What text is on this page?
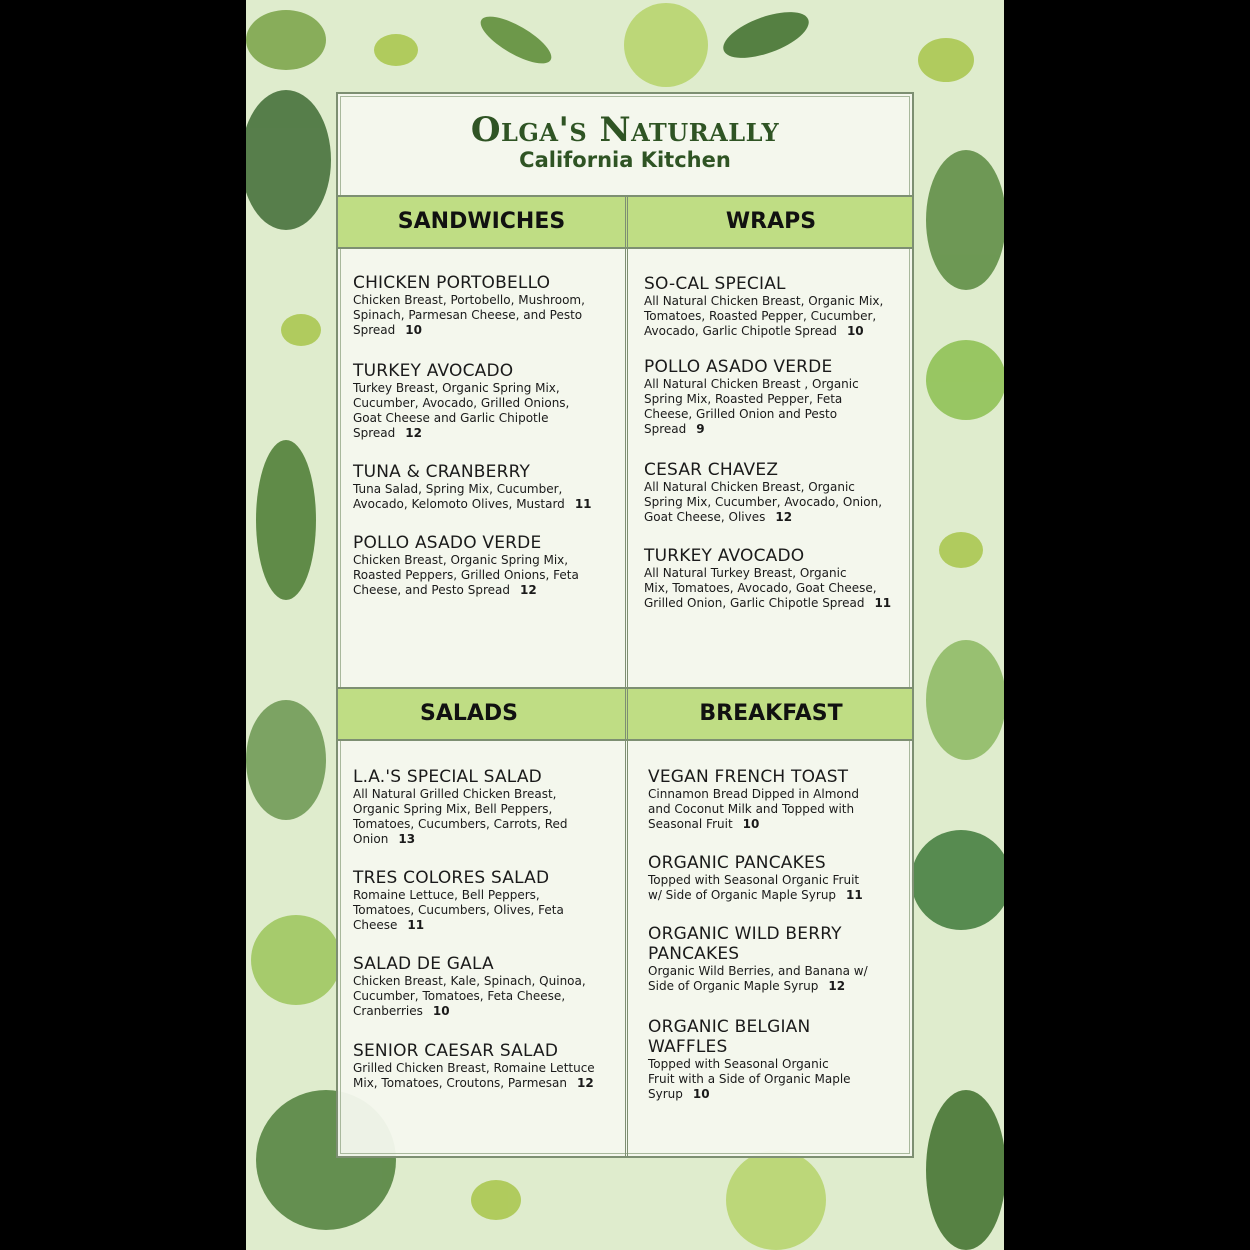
Olga's Naturally
California Kitchen
SANDWICHES	WRAPS
SALADS	BREAKFAST
CHICKEN PORTOBELLO
Chicken Breast, Portobello, Mushroom,
Spinach, Parmesan Cheese, and Pesto
Spread 10
TURKEY AVOCADO
Turkey Breast, Organic Spring Mix,
Cucumber, Avocado, Grilled Onions,
Goat Cheese and Garlic Chipotle
Spread 12
TUNA & CRANBERRY
Tuna Salad, Spring Mix, Cucumber,
Avocado, Kelomoto Olives, Mustard 11
POLLO ASADO VERDE
Chicken Breast, Organic Spring Mix,
Roasted Peppers, Grilled Onions, Feta
Cheese, and Pesto Spread 12
SO-CAL SPECIAL
All Natural Chicken Breast, Organic Mix,
Tomatoes, Roasted Pepper, Cucumber,
Avocado, Garlic Chipotle Spread 10
POLLO ASADO VERDE
All Natural Chicken Breast , Organic
Spring Mix, Roasted Pepper, Feta
Cheese, Grilled Onion and Pesto
Spread 9
CESAR CHAVEZ
All Natural Chicken Breast, Organic
Spring Mix, Cucumber, Avocado, Onion,
Goat Cheese, Olives 12
TURKEY AVOCADO
All Natural Turkey Breast, Organic
Mix, Tomatoes, Avocado, Goat Cheese,
Grilled Onion, Garlic Chipotle Spread 11
L.A.'S SPECIAL SALAD
All Natural Grilled Chicken Breast,
Organic Spring Mix, Bell Peppers,
Tomatoes, Cucumbers, Carrots, Red
Onion 13
TRES COLORES SALAD
Romaine Lettuce, Bell Peppers,
Tomatoes, Cucumbers, Olives, Feta
Cheese 11
SALAD DE GALA
Chicken Breast, Kale, Spinach, Quinoa,
Cucumber, Tomatoes, Feta Cheese,
Cranberries 10
SENIOR CAESAR SALAD
Grilled Chicken Breast, Romaine Lettuce
Mix, Tomatoes, Croutons, Parmesan 12
VEGAN FRENCH TOAST
Cinnamon Bread Dipped in Almond
and Coconut Milk and Topped with
Seasonal Fruit 10
ORGANIC PANCAKES
Topped with Seasonal Organic Fruit
w/ Side of Organic Maple Syrup 11
ORGANIC WILD BERRY
PANCAKES
Organic Wild Berries, and Banana w/
Side of Organic Maple Syrup 12
ORGANIC BELGIAN
WAFFLES
Topped with Seasonal Organic
Fruit with a Side of Organic Maple
Syrup 10
